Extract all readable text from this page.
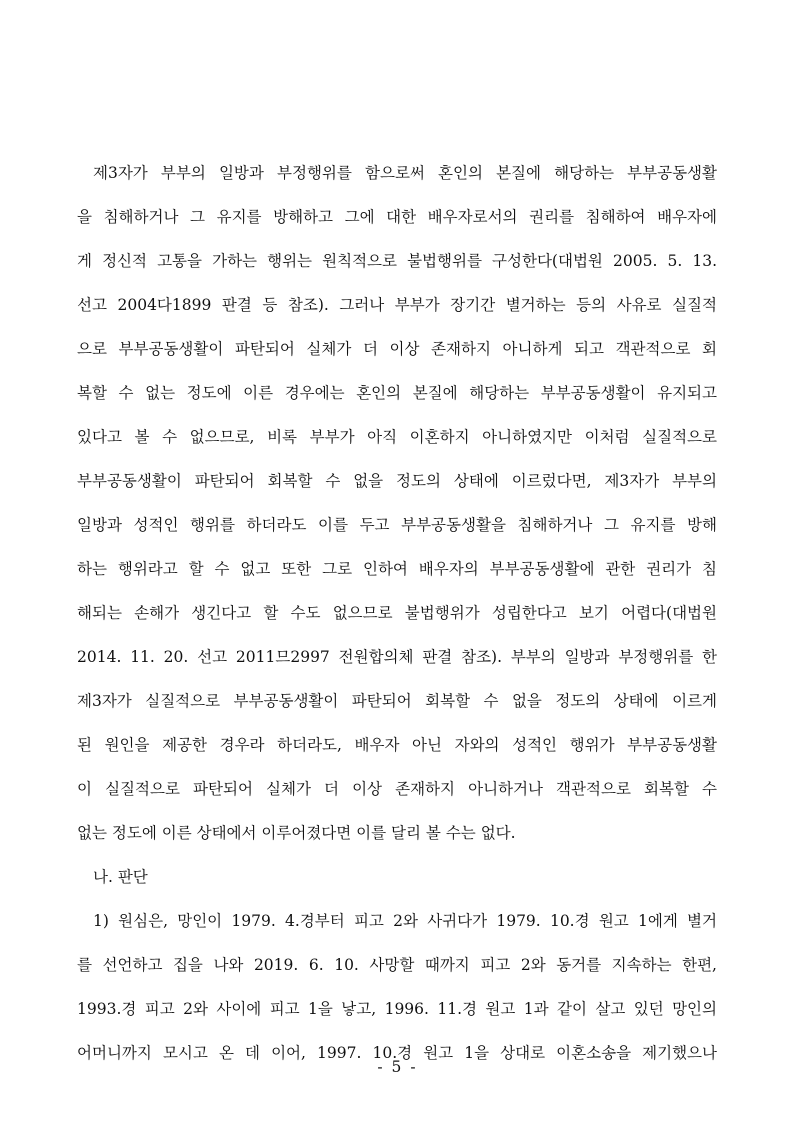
제3자가 부부의 일방과 부정행위를 함으로써 혼인의 본질에 해당하는 부부공동생활
을 침해하거나 그 유지를 방해하고 그에 대한 배우자로서의 권리를 침해하여 배우자에
게 정신적 고통을 가하는 행위는 원칙적으로 불법행위를 구성한다(대법원 2005. 5. 13.
선고 2004다1899 판결 등 참조). 그러나 부부가 장기간 별거하는 등의 사유로 실질적
으로 부부공동생활이 파탄되어 실체가 더 이상 존재하지 아니하게 되고 객관적으로 회
복할 수 없는 정도에 이른 경우에는 혼인의 본질에 해당하는 부부공동생활이 유지되고
있다고 볼 수 없으므로, 비록 부부가 아직 이혼하지 아니하였지만 이처럼 실질적으로
부부공동생활이 파탄되어 회복할 수 없을 정도의 상태에 이르렀다면, 제3자가 부부의
일방과 성적인 행위를 하더라도 이를 두고 부부공동생활을 침해하거나 그 유지를 방해
하는 행위라고 할 수 없고 또한 그로 인하여 배우자의 부부공동생활에 관한 권리가 침
해되는 손해가 생긴다고 할 수도 없으므로 불법행위가 성립한다고 보기 어렵다(대법원
2014. 11. 20. 선고 2011므2997 전원합의체 판결 참조). 부부의 일방과 부정행위를 한
제3자가 실질적으로 부부공동생활이 파탄되어 회복할 수 없을 정도의 상태에 이르게
된 원인을 제공한 경우라 하더라도, 배우자 아닌 자와의 성적인 행위가 부부공동생활
이 실질적으로 파탄되어 실체가 더 이상 존재하지 아니하거나 객관적으로 회복할 수
없는 정도에 이른 상태에서 이루어졌다면 이를 달리 볼 수는 없다.
나. 판단
1) 원심은, 망인이 1979. 4.경부터 피고 2와 사귀다가 1979. 10.경 원고 1에게 별거
를 선언하고 집을 나와 2019. 6. 10. 사망할 때까지 피고 2와 동거를 지속하는 한편,
1993.경 피고 2와 사이에 피고 1을 낳고, 1996. 11.경 원고 1과 같이 살고 있던 망인의
어머니까지 모시고 온 데 이어, 1997. 10.경 원고 1을 상대로 이혼소송을 제기했으나
- 5 -
